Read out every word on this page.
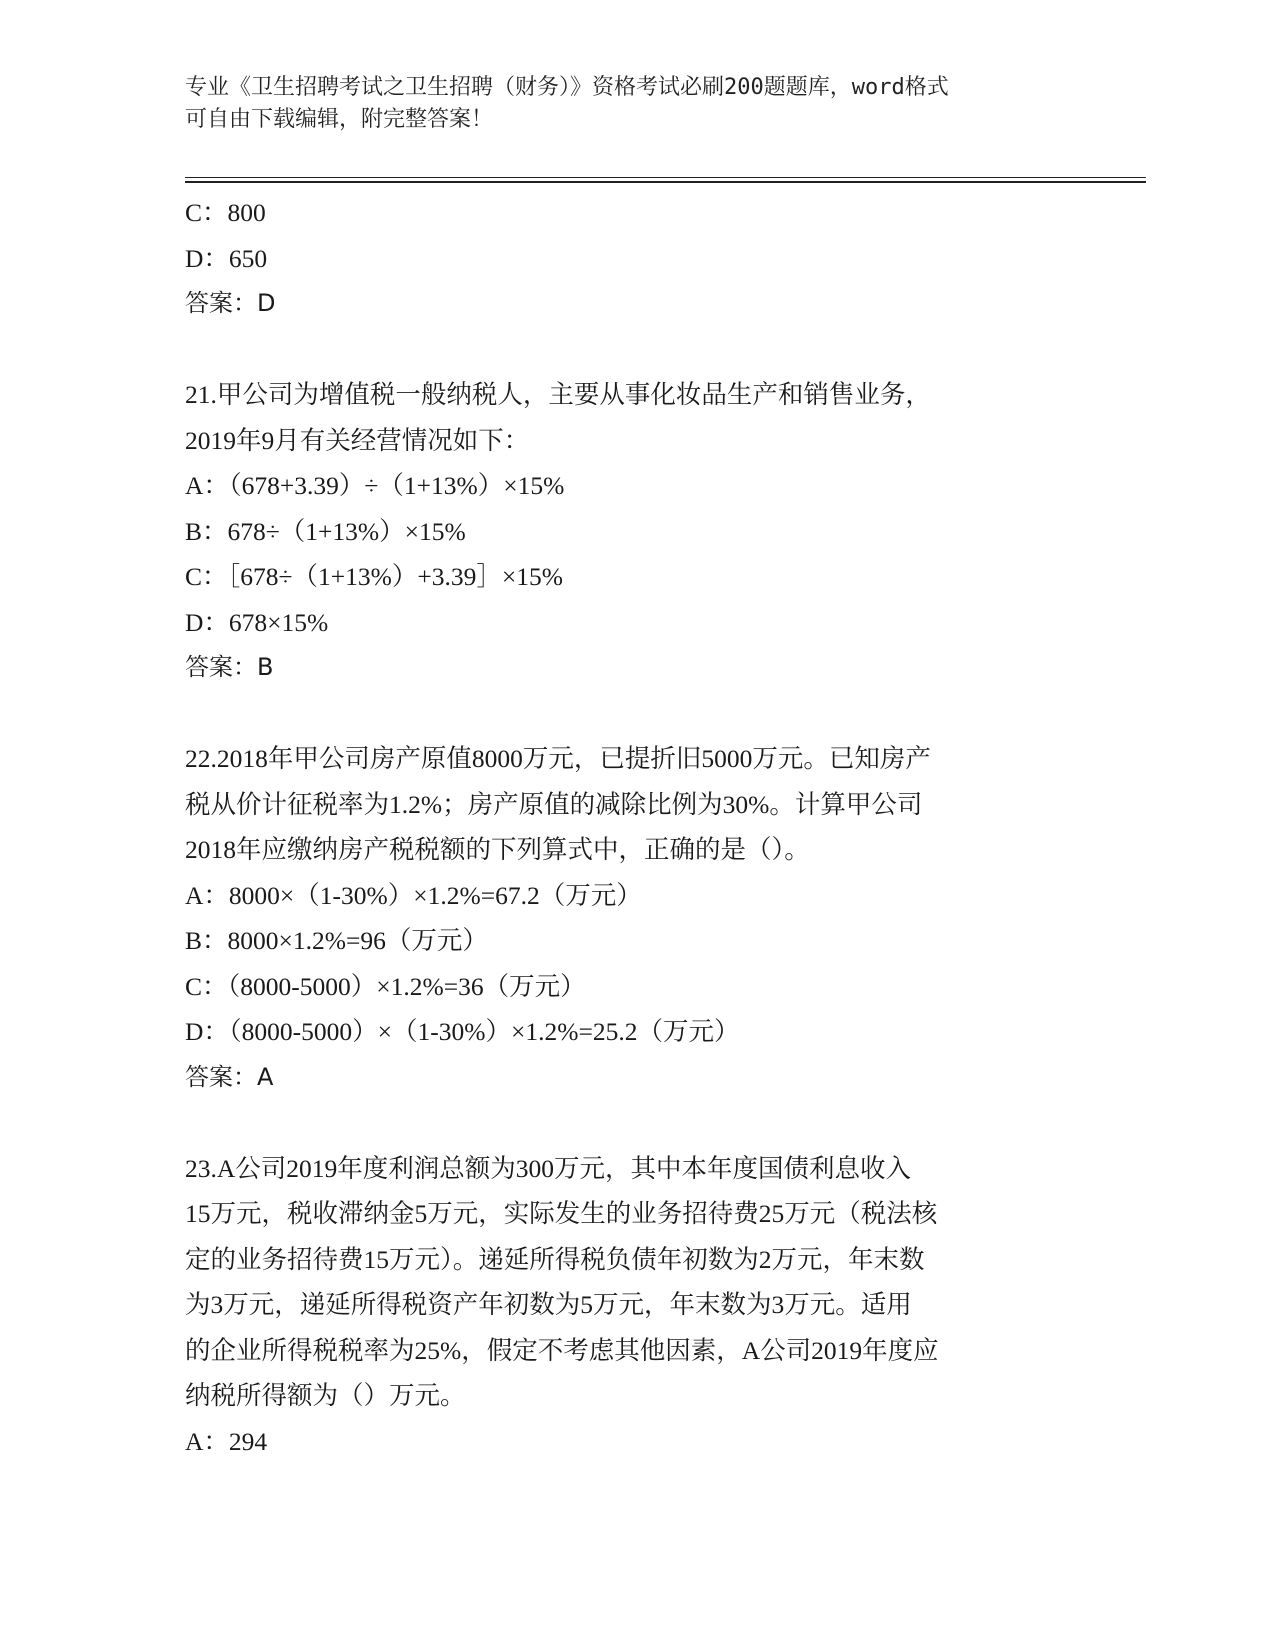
专业《卫生招聘考试之卫生招聘（财务）》资格考试必刷200题题库，word格式
可自由下载编辑，附完整答案！
C：800
D：650
答案：D
21.甲公司为增值税一般纳税人，主要从事化妆品生产和销售业务，
2019年9月有关经营情况如下：
A：（678+3.39）÷（1+13%）×15%
B：678÷（1+13%）×15%
C：［678÷（1+13%）+3.39］×15%
D：678×15%
答案：B
22.2018年甲公司房产原值8000万元，已提折旧5000万元。已知房产
税从价计征税率为1.2%；房产原值的减除比例为30%。计算甲公司
2018年应缴纳房产税税额的下列算式中，正确的是（）。
A：8000×（1-30%）×1.2%=67.2（万元）
B：8000×1.2%=96（万元）
C：（8000-5000）×1.2%=36（万元）
D：（8000-5000）×（1-30%）×1.2%=25.2（万元）
答案：A
23.A公司2019年度利润总额为300万元，其中本年度国债利息收入
15万元，税收滞纳金5万元，实际发生的业务招待费25万元（税法核
定的业务招待费15万元）。递延所得税负债年初数为2万元，年末数
为3万元，递延所得税资产年初数为5万元，年末数为3万元。适用
的企业所得税税率为25%，假定不考虑其他因素，A公司2019年度应
纳税所得额为（）万元。
A：294
